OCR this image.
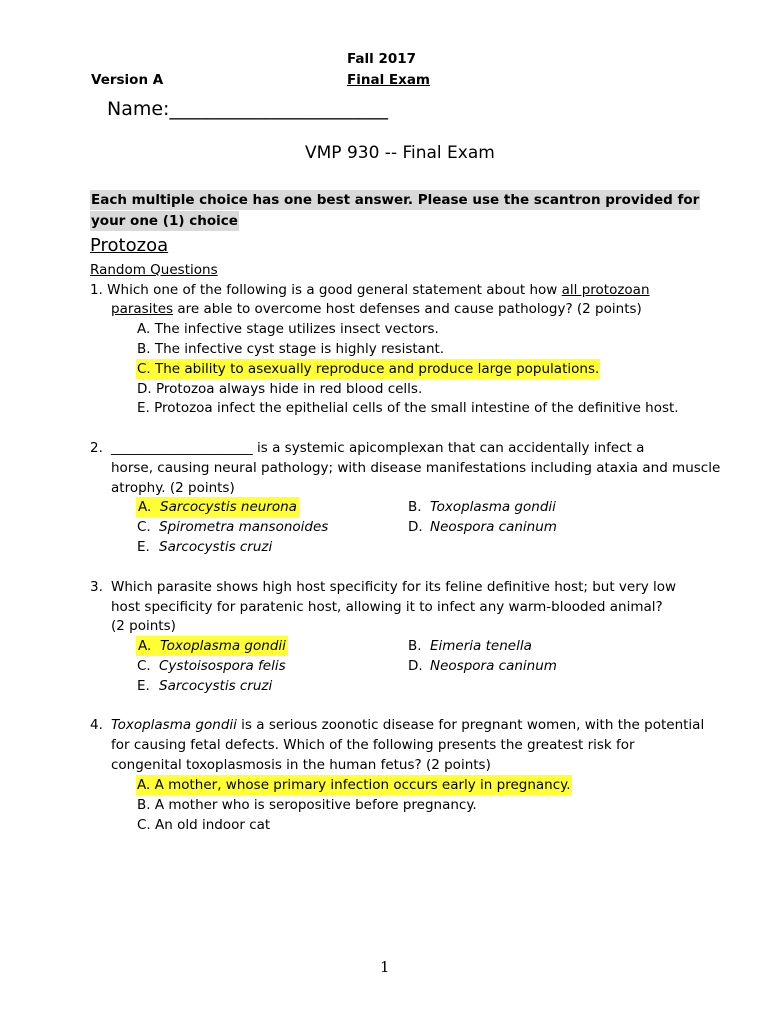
Fall 2017
Final Exam
Version A
Name:_______________________
VMP 930 -- Final Exam
Each multiple choice has one best answer. Please use the scantron provided for
your one (1) choice
Protozoa
Random Questions
1. Which one of the following is a good general statement about how all protozoan
parasites are able to overcome host defenses and cause pathology? (2 points)
A. The infective stage utilizes insect vectors.
B. The infective cyst stage is highly resistant.
C. The ability to asexually reproduce and produce large populations.
D. Protozoa always hide in red blood cells.
E. Protozoa infect the epithelial cells of the small intestine of the definitive host.
2. _____________________ is a systemic apicomplexan that can accidentally infect a
horse, causing neural pathology; with disease manifestations including ataxia and muscle
atrophy. (2 points)
A. Sarcocystis neurona	B. Toxoplasma gondii
C. Spirometra mansonoides	D. Neospora caninum
E. Sarcocystis cruzi
3. Which parasite shows high host specificity for its feline definitive host; but very low
host specificity for paratenic host, allowing it to infect any warm-blooded animal?
(2 points)
A. Toxoplasma gondii	B. Eimeria tenella
C. Cystoisospora felis	D. Neospora caninum
E. Sarcocystis cruzi
4. Toxoplasma gondii is a serious zoonotic disease for pregnant women, with the potential
for causing fetal defects. Which of the following presents the greatest risk for
congenital toxoplasmosis in the human fetus? (2 points)
A. A mother, whose primary infection occurs early in pregnancy.
B. A mother who is seropositive before pregnancy.
C. An old indoor cat
1
